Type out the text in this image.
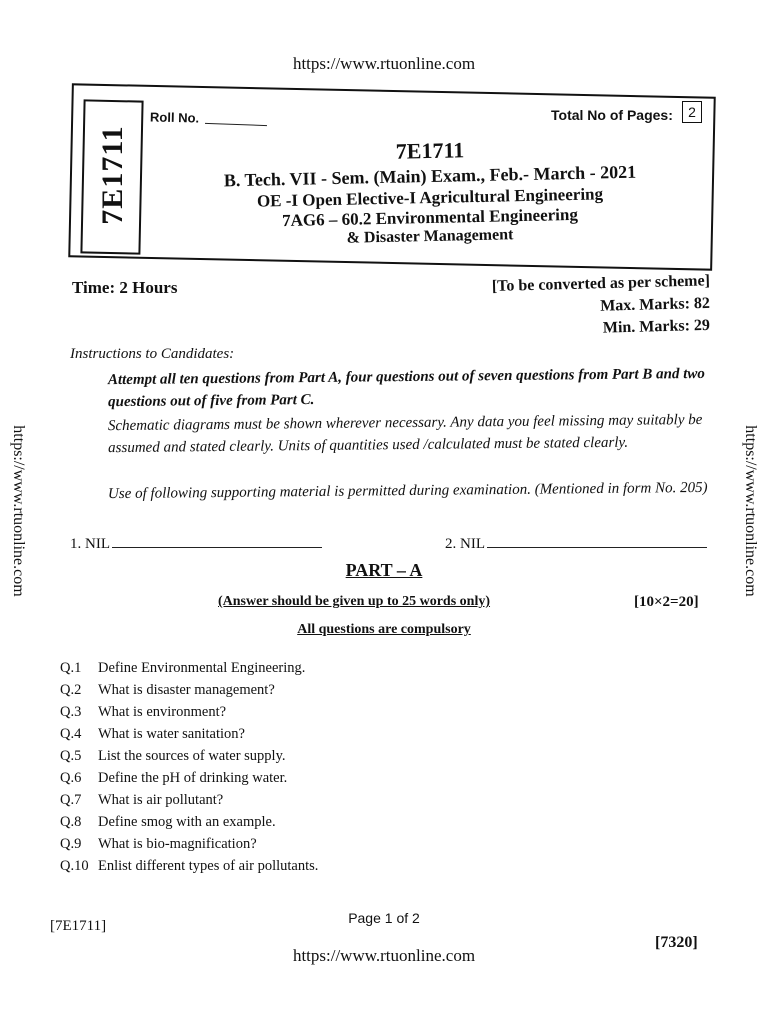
https://www.rtuonline.com
https://www.rtuonline.com	https://www.rtuonline.com
7E1711
Roll No.	Total No of Pages:	2
7E1711
B. Tech. VII - Sem. (Main) Exam., Feb.- March - 2021
OE -I Open Elective-I Agricultural Engineering
7AG6 – 60.2 Environmental Engineering
& Disaster Management
Time: 2 Hours	[To be converted as per scheme]
Max. Marks: 82
Min. Marks: 29
Instructions to Candidates:
Attempt all ten questions from Part A, four questions out of seven questions from Part B and two questions out of five from Part C.
Schematic diagrams must be shown wherever necessary. Any data you feel missing may suitably be assumed and stated clearly. Units of quantities used /calculated must be stated clearly.
Use of following supporting material is permitted during examination. (Mentioned in form No. 205)
1. NIL	2. NIL
PART – A
(Answer should be given up to 25 words only)	[10×2=20]
All questions are compulsory
Q.1 Define Environmental Engineering.
Q.2 What is disaster management?
Q.3 What is environment?
Q.4 What is water sanitation?
Q.5 List the sources of water supply.
Q.6 Define the pH of drinking water.
Q.7 What is air pollutant?
Q.8 Define smog with an example.
Q.9 What is bio-magnification?
Q.10 Enlist different types of air pollutants.
[7E1711]	Page 1 of 2
[7320]
https://www.rtuonline.com
